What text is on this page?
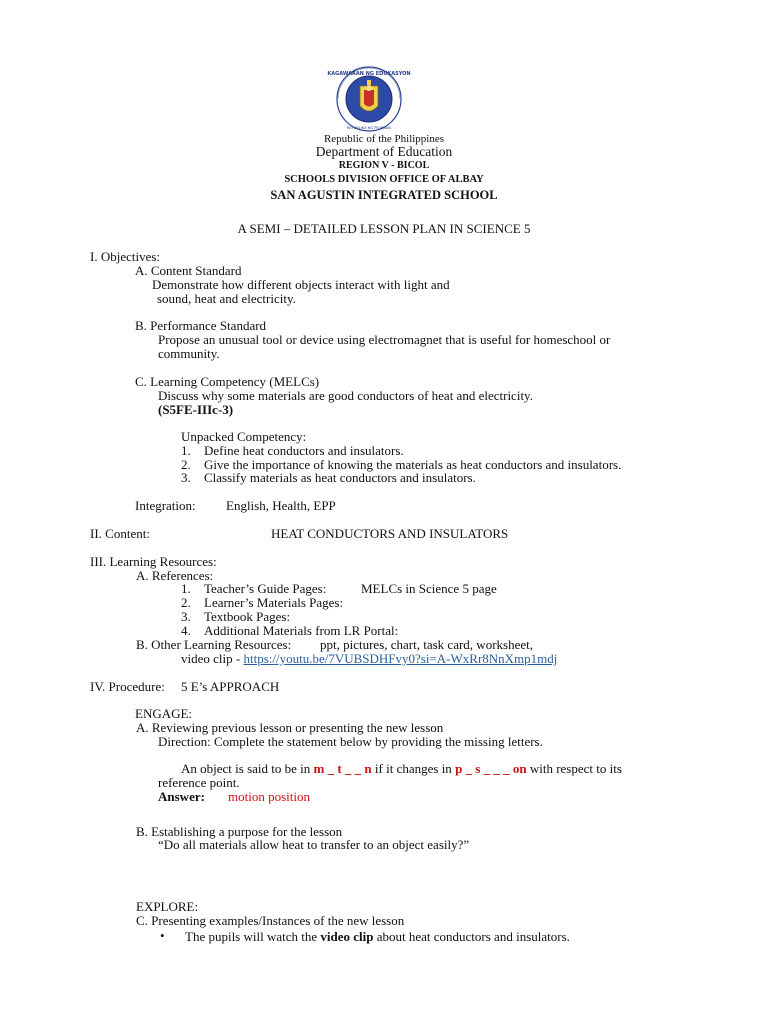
KAGAWARAN NG EDUKASYON
REPUBLIKA NG PILIPINAS
Republic of the Philippines
Department of Education
REGION V - BICOL
SCHOOLS DIVISION OFFICE OF ALBAY
SAN AGUSTIN INTEGRATED SCHOOL
A SEMI – DETAILED LESSON PLAN IN SCIENCE 5
I. Objectives:
A. Content Standard
Demonstrate how different objects interact with light and
sound, heat and electricity.
B. Performance Standard
Propose an unusual tool or device using electromagnet that is useful for homeschool or
community.
C. Learning Competency (MELCs)
Discuss why some materials are good conductors of heat and electricity.
(S5FE-IIIc-3)
Unpacked Competency:
1. Define heat conductors and insulators.
2. Give the importance of knowing the materials as heat conductors and insulators.
3. Classify materials as heat conductors and insulators.
Integration: English, Health, EPP
II. Content:	HEAT CONDUCTORS AND INSULATORS
III. Learning Resources:
A. References:
1. Teacher’s Guide Pages:	MELCs in Science 5 page
2. Learner’s Materials Pages:
3. Textbook Pages:
4. Additional Materials from LR Portal:
B. Other Learning Resources: ppt, pictures, chart, task card, worksheet,
video clip - https://youtu.be/7VUBSDHFvy0?si=A-WxRr8NnXmp1mdj
IV. Procedure: 5 E’s APPROACH
ENGAGE:
A. Reviewing previous lesson or presenting the new lesson
Direction: Complete the statement below by providing the missing letters.
An object is said to be in m _ t _ _ n if it changes in p _ s _ _ _ on with respect to its
reference point.
Answer: motion position
B. Establishing a purpose for the lesson
“Do all materials allow heat to transfer to an object easily?”
EXPLORE:
C. Presenting examples/Instances of the new lesson
• The pupils will watch the video clip about heat conductors and insulators.
